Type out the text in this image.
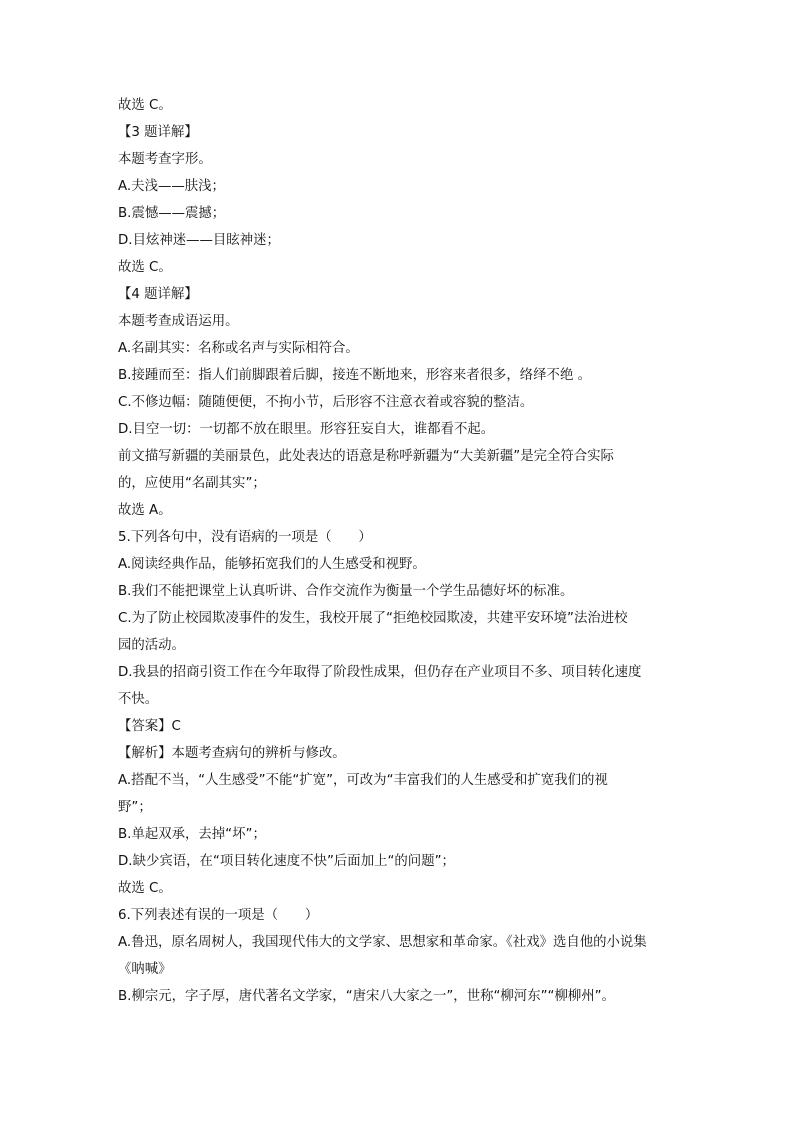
故选 C。
【3 题详解】
本题考查字形。
A.夫浅——肤浅；
B.震憾——震撼；
D.目炫神迷——目眩神迷；
故选 C。
【4 题详解】
本题考查成语运用。
A.名副其实：名称或名声与实际相符合。
B.接踵而至：指人们前脚跟着后脚，接连不断地来，形容来者很多，络绎不绝 。
C.不修边幅：随随便便，不拘小节，后形容不注意衣着或容貌的整洁。
D.目空一切：一切都不放在眼里。形容狂妄自大，谁都看不起。
前文描写新疆的美丽景色，此处表达的语意是称呼新疆为“大美新疆”是完全符合实际
的，应使用“名副其实”；
故选 A。
5.下列各句中，没有语病的一项是（　　）
A.阅读经典作品，能够拓宽我们的人生感受和视野。
B.我们不能把课堂上认真听讲、合作交流作为衡量一个学生品德好坏的标准。
C.为了防止校园欺凌事件的发生，我校开展了“拒绝校园欺凌，共建平安环境”法治进校
园的活动。
D.我县的招商引资工作在今年取得了阶段性成果，但仍存在产业项目不多、项目转化速度
不快。
【答案】C
【解析】本题考查病句的辨析与修改。
A.搭配不当，“人生感受”不能“扩宽”，可改为“丰富我们的人生感受和扩宽我们的视
野”；
B.单起双承，去掉“坏”；
D.缺少宾语，在“项目转化速度不快”后面加上“的问题”；
故选 C。
6.下列表述有误的一项是（　　）
A.鲁迅，原名周树人，我国现代伟大的文学家、思想家和革命家。《社戏》选自他的小说集
《呐喊》
B.柳宗元，字子厚，唐代著名文学家，“唐宋八大家之一”，世称“柳河东”“柳柳州”。
